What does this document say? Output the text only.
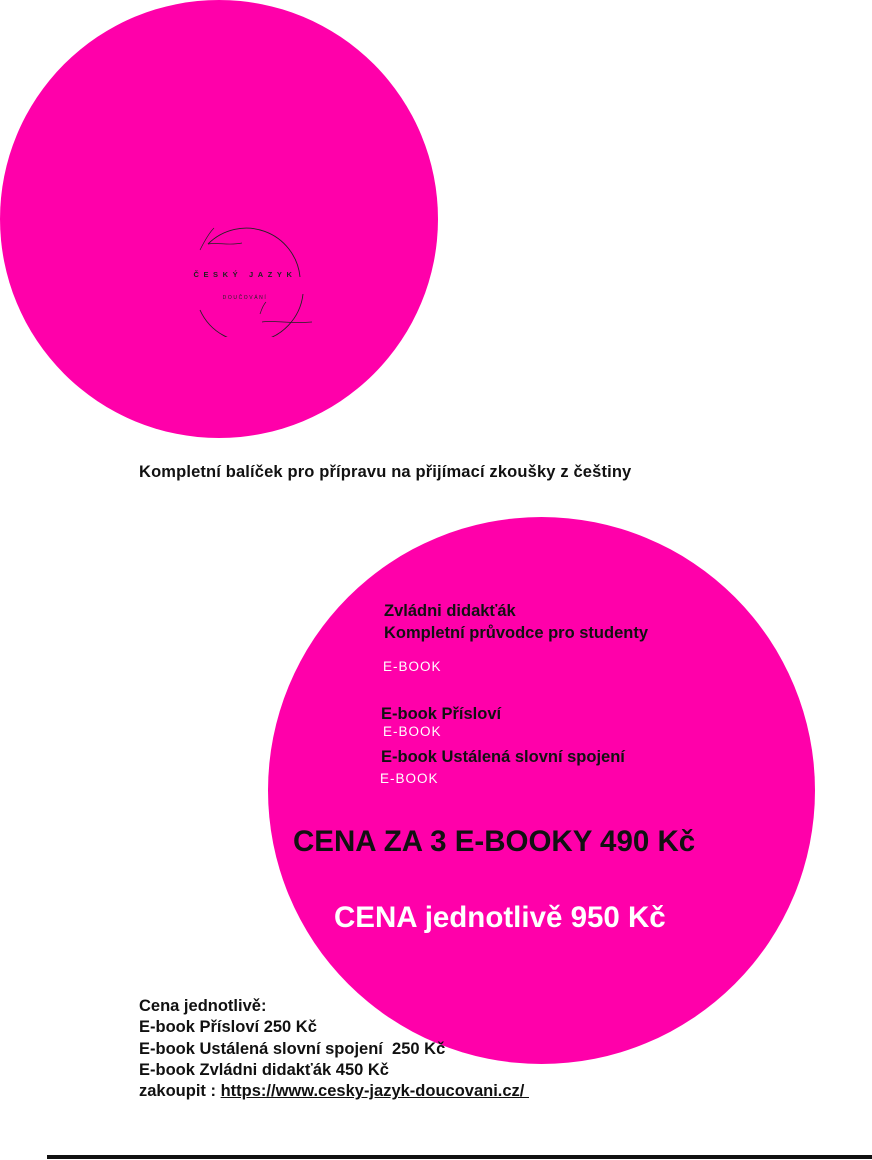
ČESKÝ JAZYK
DOUČOVÁNÍ
Kompletní balíček pro přípravu na přijímací zkoušky z češtiny
Zvládni didakťák
Kompletní průvodce pro studenty
E-BOOK
E-book Přísloví
E-BOOK
E-book Ustálená slovní spojení
E-BOOK
CENA ZA 3 E-BOOKY 490 Kč
CENA jednotlivě 950 Kč
Cena jednotlivě:
E-book Přísloví 250 Kč
E-book Ustálená slovní spojení  250 Kč
E-book Zvládni didakťák 450 Kč
zakoupit : https://www.cesky-jazyk-doucovani.cz/
